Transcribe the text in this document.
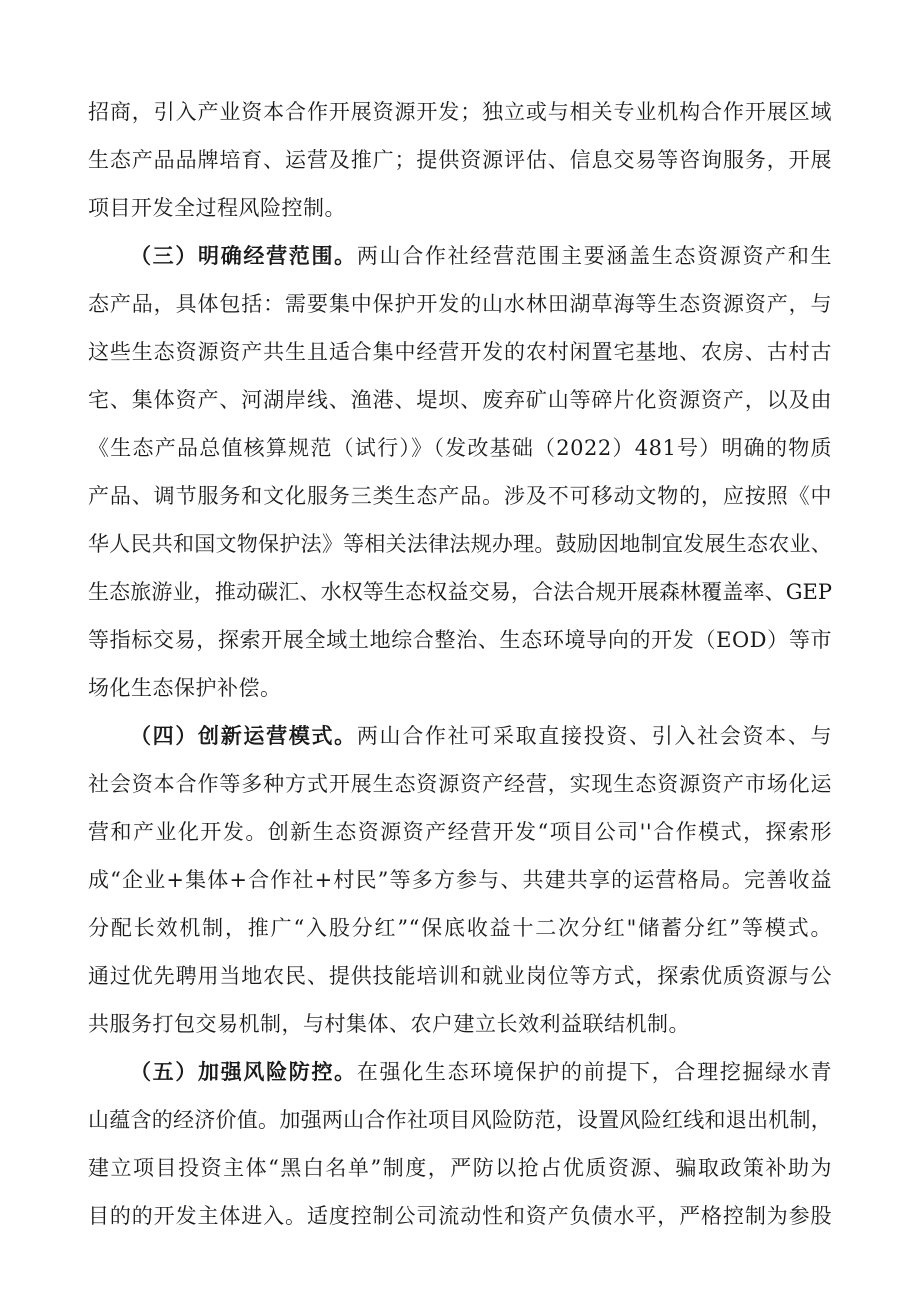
招商，引入产业资本合作开展资源开发；独立或与相关专业机构合作开展区域
生态产品品牌培育、运营及推广；提供资源评估、信息交易等咨询服务，开展
项目开发全过程风险控制。
（三）明确经营范围。两山合作社经营范围主要涵盖生态资源资产和生
态产品，具体包括：需要集中保护开发的山水林田湖草海等生态资源资产，与
这些生态资源资产共生且适合集中经营开发的农村闲置宅基地、农房、古村古
宅、集体资产、河湖岸线、渔港、堤坝、废弃矿山等碎片化资源资产，以及由
《生态产品总值核算规范（试行）》（发改基础（2022）481号）明确的物质
产品、调节服务和文化服务三类生态产品。涉及不可移动文物的，应按照《中
华人民共和国文物保护法》等相关法律法规办理。鼓励因地制宜发展生态农业、
生态旅游业，推动碳汇、水权等生态权益交易，合法合规开展森林覆盖率、GEP
等指标交易，探索开展全域土地综合整治、生态环境导向的开发（EOD）等市
场化生态保护补偿。
（四）创新运营模式。两山合作社可采取直接投资、引入社会资本、与
社会资本合作等多种方式开展生态资源资产经营，实现生态资源资产市场化运
营和产业化开发。创新生态资源资产经营开发“项目公司''合作模式，探索形
成“企业+集体+合作社+村民”等多方参与、共建共享的运营格局。完善收益
分配长效机制，推广“入股分红”“保底收益十二次分红"储蓄分红”等模式。
通过优先聘用当地农民、提供技能培训和就业岗位等方式，探索优质资源与公
共服务打包交易机制，与村集体、农户建立长效利益联结机制。
（五）加强风险防控。在强化生态环境保护的前提下，合理挖掘绿水青
山蕴含的经济价值。加强两山合作社项目风险防范，设置风险红线和退出机制，
建立项目投资主体“黑白名单”制度，严防以抢占优质资源、骗取政策补助为
目的的开发主体进入。适度控制公司流动性和资产负债水平，严格控制为参股
